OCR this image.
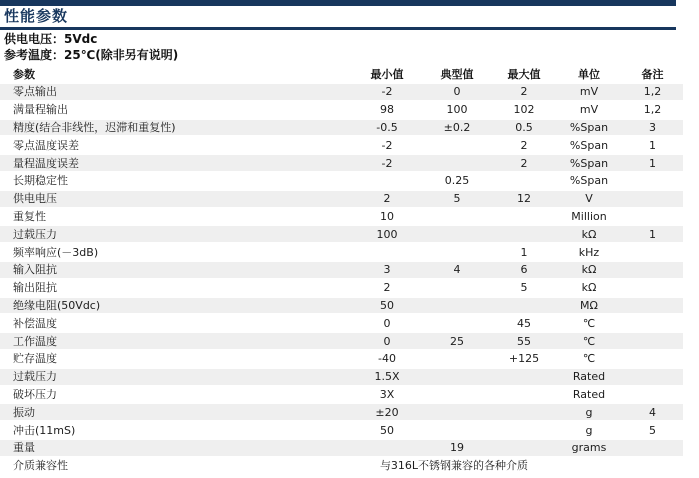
性能参数
供电电压：5Vdc
参考温度：25℃(除非另有说明)
参数	最小值	典型值	最大值	单位	备注
零点输出	-2	0	2	mV	1,2
满量程输出	98	100	102	mV	1,2
精度(结合非线性，迟滞和重复性)	-0.5	±0.2	0.5	%Span	3
零点温度误差	-2		2	%Span	1
量程温度误差	-2		2	%Span	1
长期稳定性		0.25		%Span	
供电电压	2	5	12	V	
重复性	10			Million	
过载压力	100			kΩ	1
频率响应(－3dB)			1	kHz	
输入阻抗	3	4	6	kΩ	
输出阻抗	2		5	kΩ	
绝缘电阻(50Vdc)	50			MΩ	
补偿温度	0		45	℃	
工作温度	0	25	55	℃	
贮存温度	-40		+125	℃	
过载压力	1.5X			Rated	
破坏压力	3X			Rated	
振动	±20			g	4
冲击(11mS)	50			g	5
重量		19		grams	
介质兼容性	与316L不锈钢兼容的各种介质				
